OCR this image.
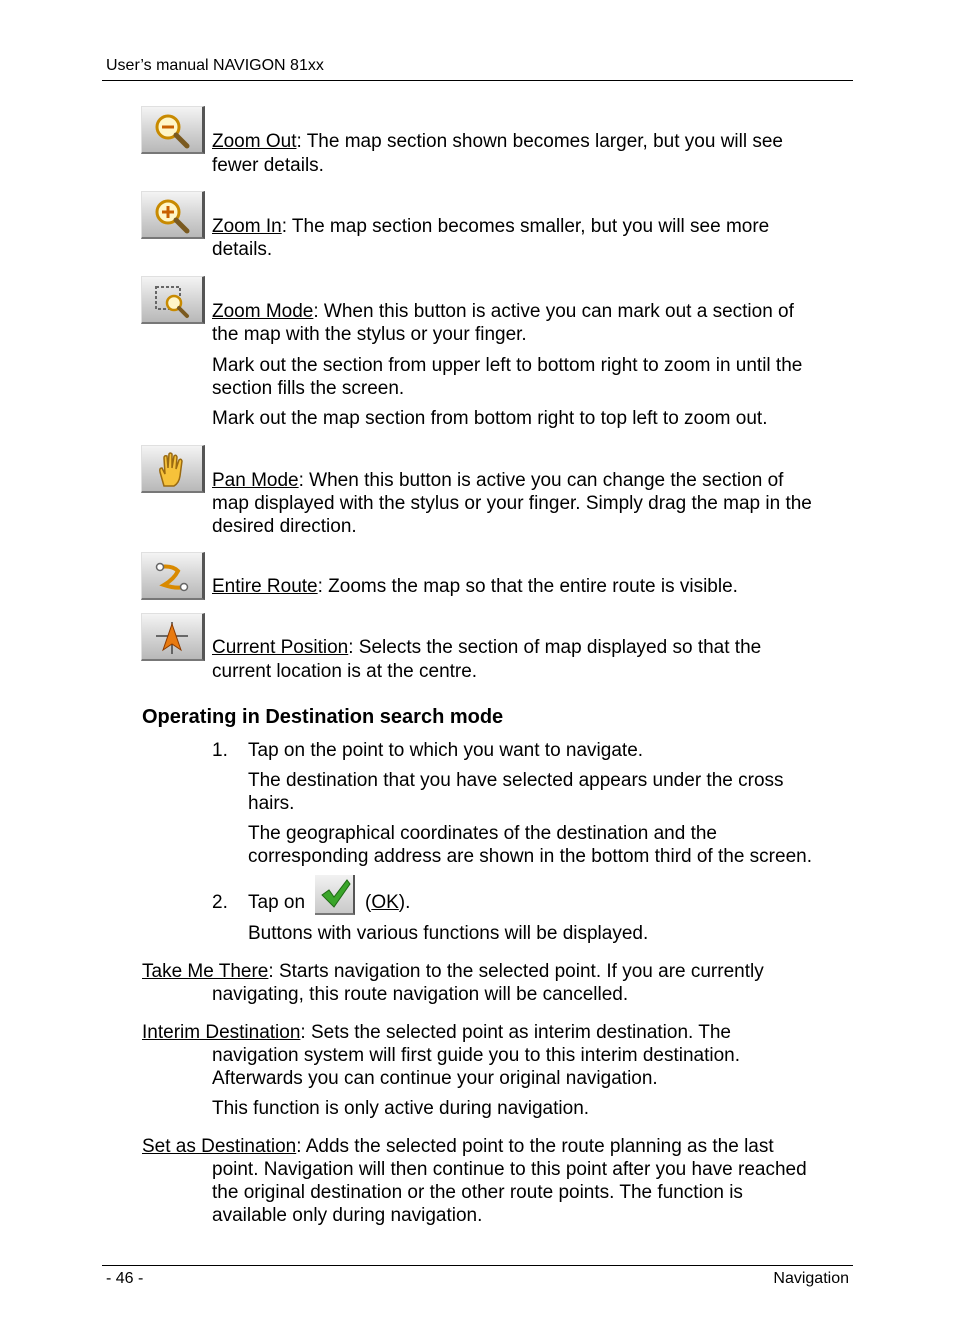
User’s manual NAVIGON 81xx
Zoom Out: The map section shown becomes larger, but you will see
fewer details.
Zoom In: The map section becomes smaller, but you will see more
details.
Zoom Mode: When this button is active you can mark out a section of
the map with the stylus or your finger.
Mark out the section from upper left to bottom right to zoom in until the
section fills the screen.
Mark out the map section from bottom right to top left to zoom out.
Pan Mode: When this button is active you can change the section of
map displayed with the stylus or your finger. Simply drag the map in the
desired direction.
Entire Route: Zooms the map so that the entire route is visible.
Current Position: Selects the section of map displayed so that the
current location is at the centre.
Operating in Destination search mode
1. Tap on the point to which you want to navigate.
The destination that you have selected appears under the cross
hairs.
The geographical coordinates of the destination and the
corresponding address are shown in the bottom third of the screen.
2. Tap on	(OK).
Buttons with various functions will be displayed.
Take Me There: Starts navigation to the selected point. If you are currently
navigating, this route navigation will be cancelled.
Interim Destination: Sets the selected point as interim destination. The
navigation system will first guide you to this interim destination.
Afterwards you can continue your original navigation.
This function is only active during navigation.
Set as Destination: Adds the selected point to the route planning as the last
point. Navigation will then continue to this point after you have reached
the original destination or the other route points. The function is
available only during navigation.
- 46 -	Navigation
